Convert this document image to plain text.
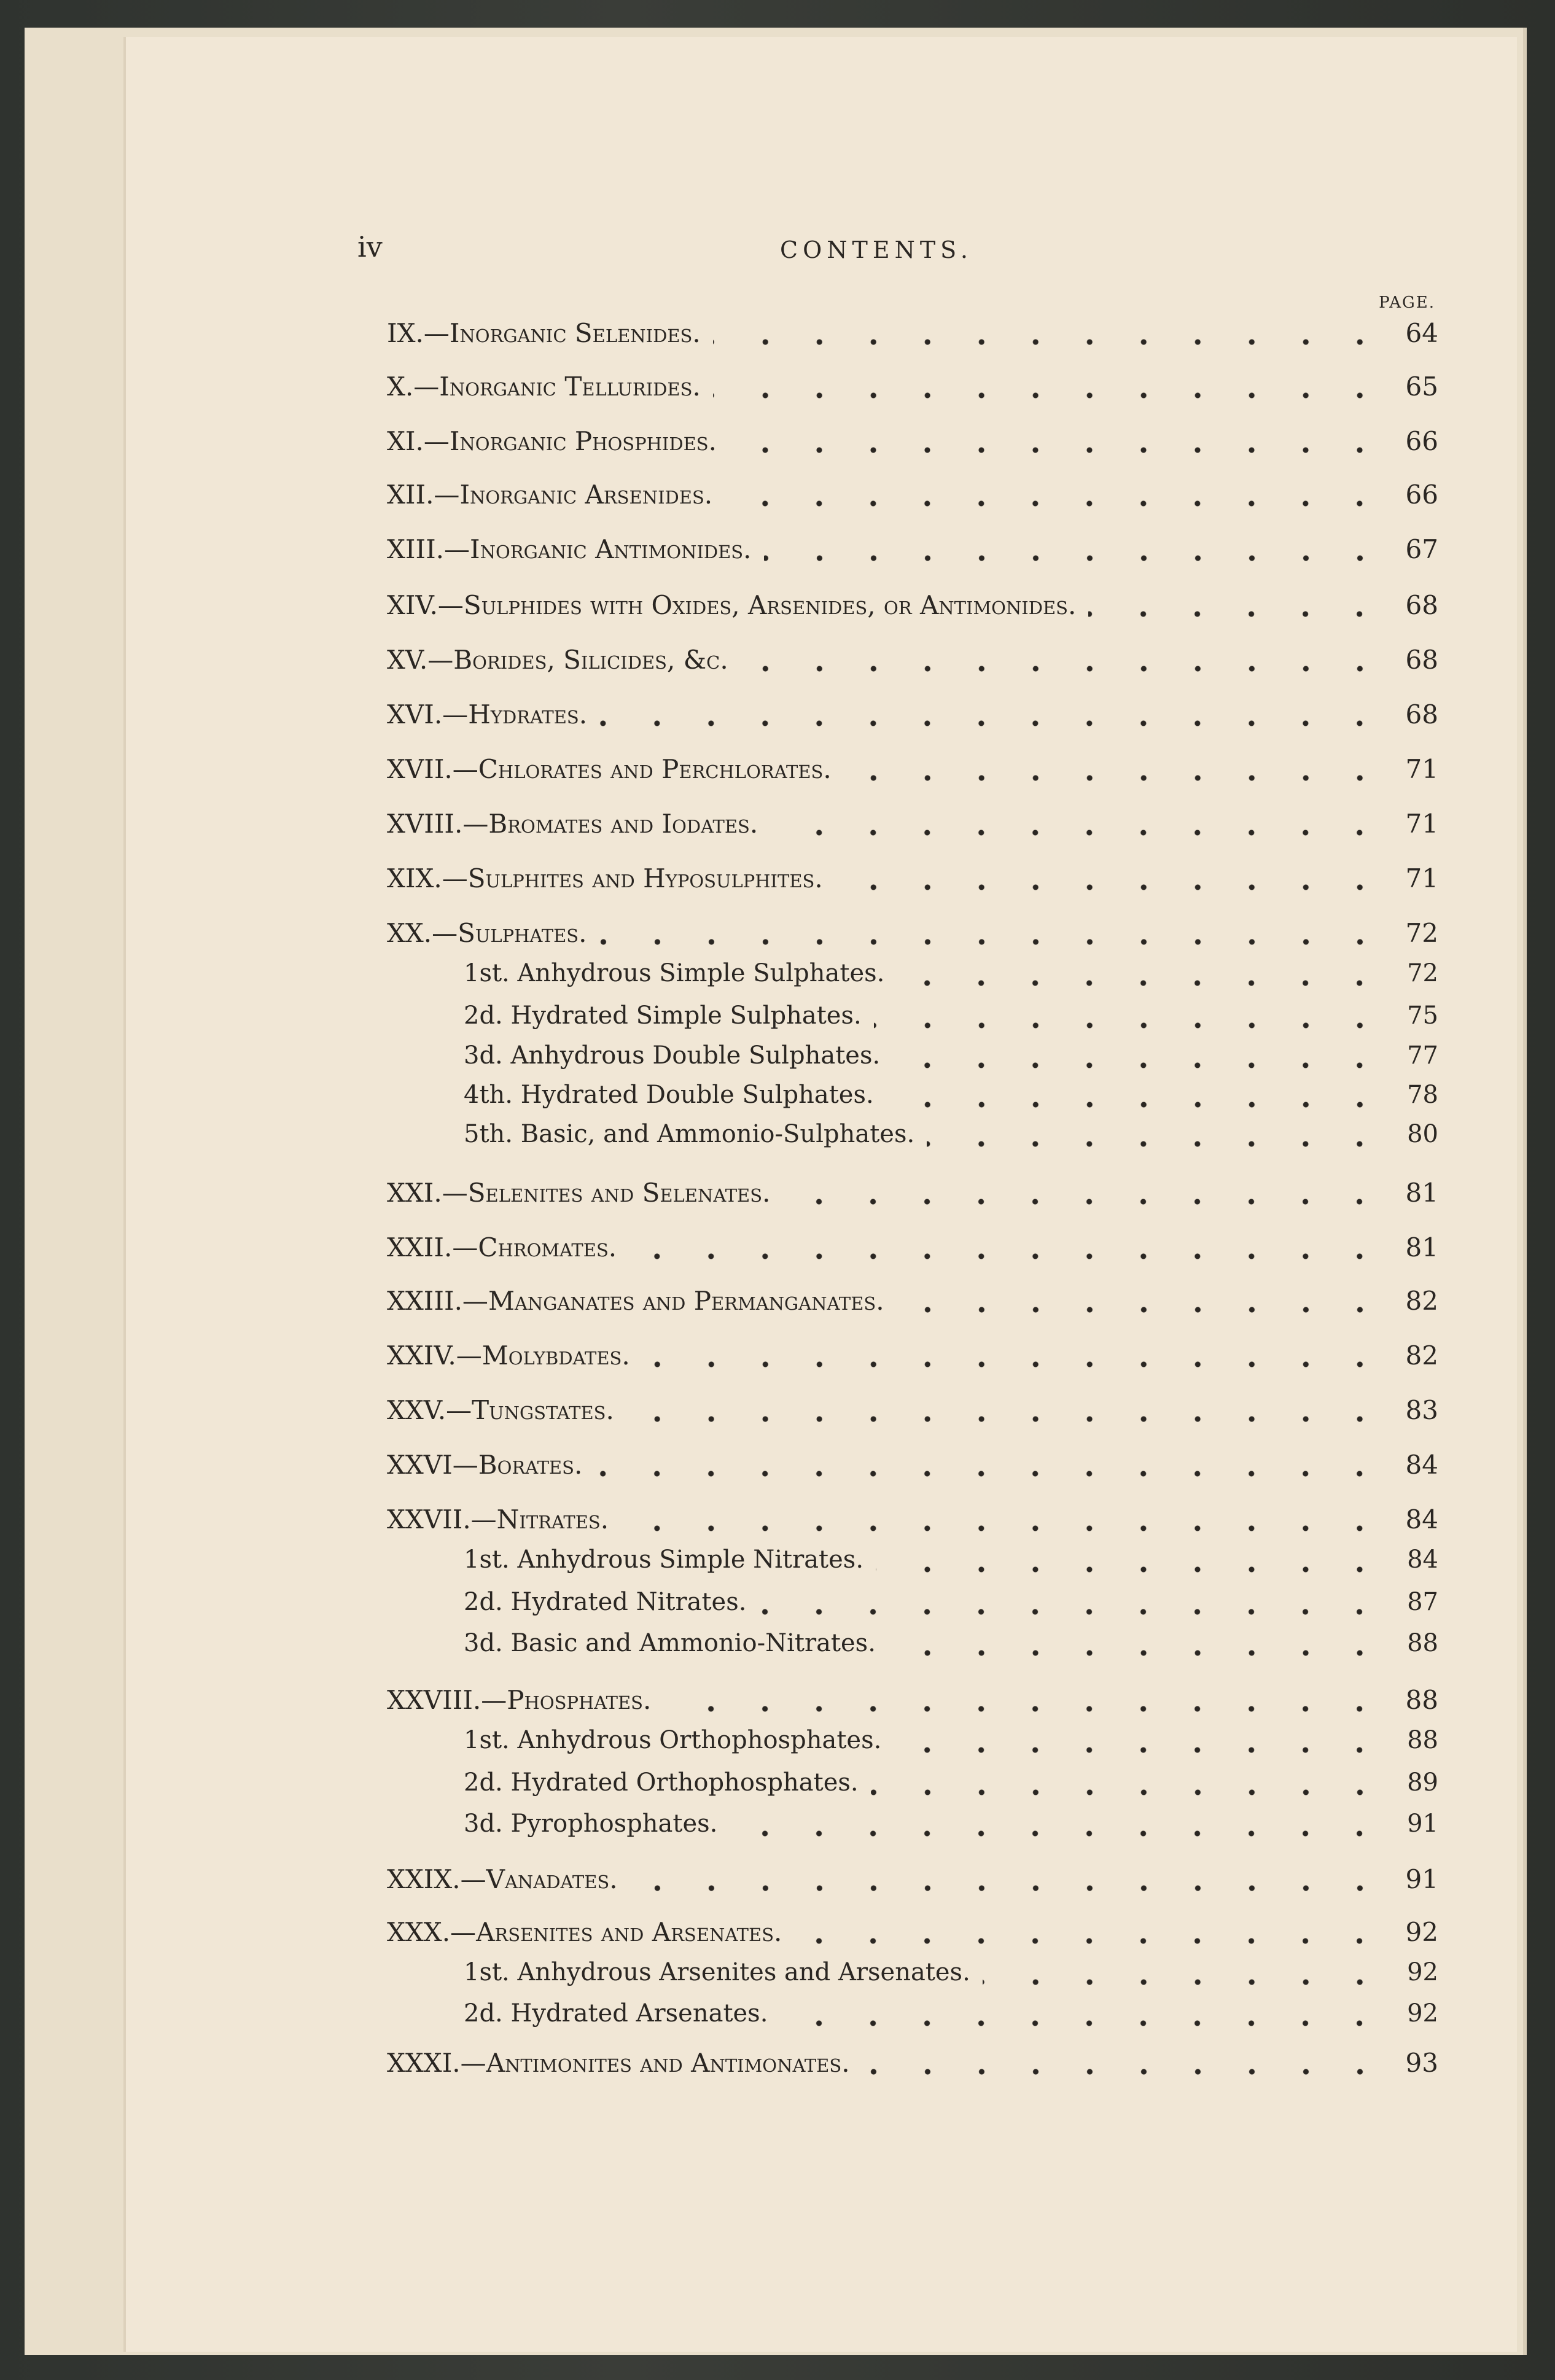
iv	CONTENTS.
PAGE.
IX.—Inorganic Selenides.	64
X.—Inorganic Tellurides.	65
XI.—Inorganic Phosphides.	66
XII.—Inorganic Arsenides.	66
XIII.—Inorganic Antimonides.	67
XIV.—Sulphides with Oxides, Arsenides, or Antimonides.	68
XV.—Borides, Silicides, &c.	68
XVI.—Hydrates.	68
XVII.—Chlorates and Perchlorates.	71
XVIII.—Bromates and Iodates.	71
XIX.—Sulphites and Hyposulphites.	71
XX.—Sulphates.	72
1st. Anhydrous Simple Sulphates.	72
2d. Hydrated Simple Sulphates.	75
3d. Anhydrous Double Sulphates.	77
4th. Hydrated Double Sulphates.	78
5th. Basic, and Ammonio-Sulphates.	80
XXI.—Selenites and Selenates.	81
XXII.—Chromates.	81
XXIII.—Manganates and Permanganates.	82
XXIV.—Molybdates.	82
XXV.—Tungstates.	83
XXVI—Borates.	84
XXVII.—Nitrates.	84
1st. Anhydrous Simple Nitrates.	84
2d. Hydrated Nitrates.	87
3d. Basic and Ammonio-Nitrates.	88
XXVIII.—Phosphates.	88
1st. Anhydrous Orthophosphates.	88
2d. Hydrated Orthophosphates.	89
3d. Pyrophosphates.	91
XXIX.—Vanadates.	91
XXX.—Arsenites and Arsenates.	92
1st. Anhydrous Arsenites and Arsenates.	92
2d. Hydrated Arsenates.	92
XXXI.—Antimonites and Antimonates.	93
